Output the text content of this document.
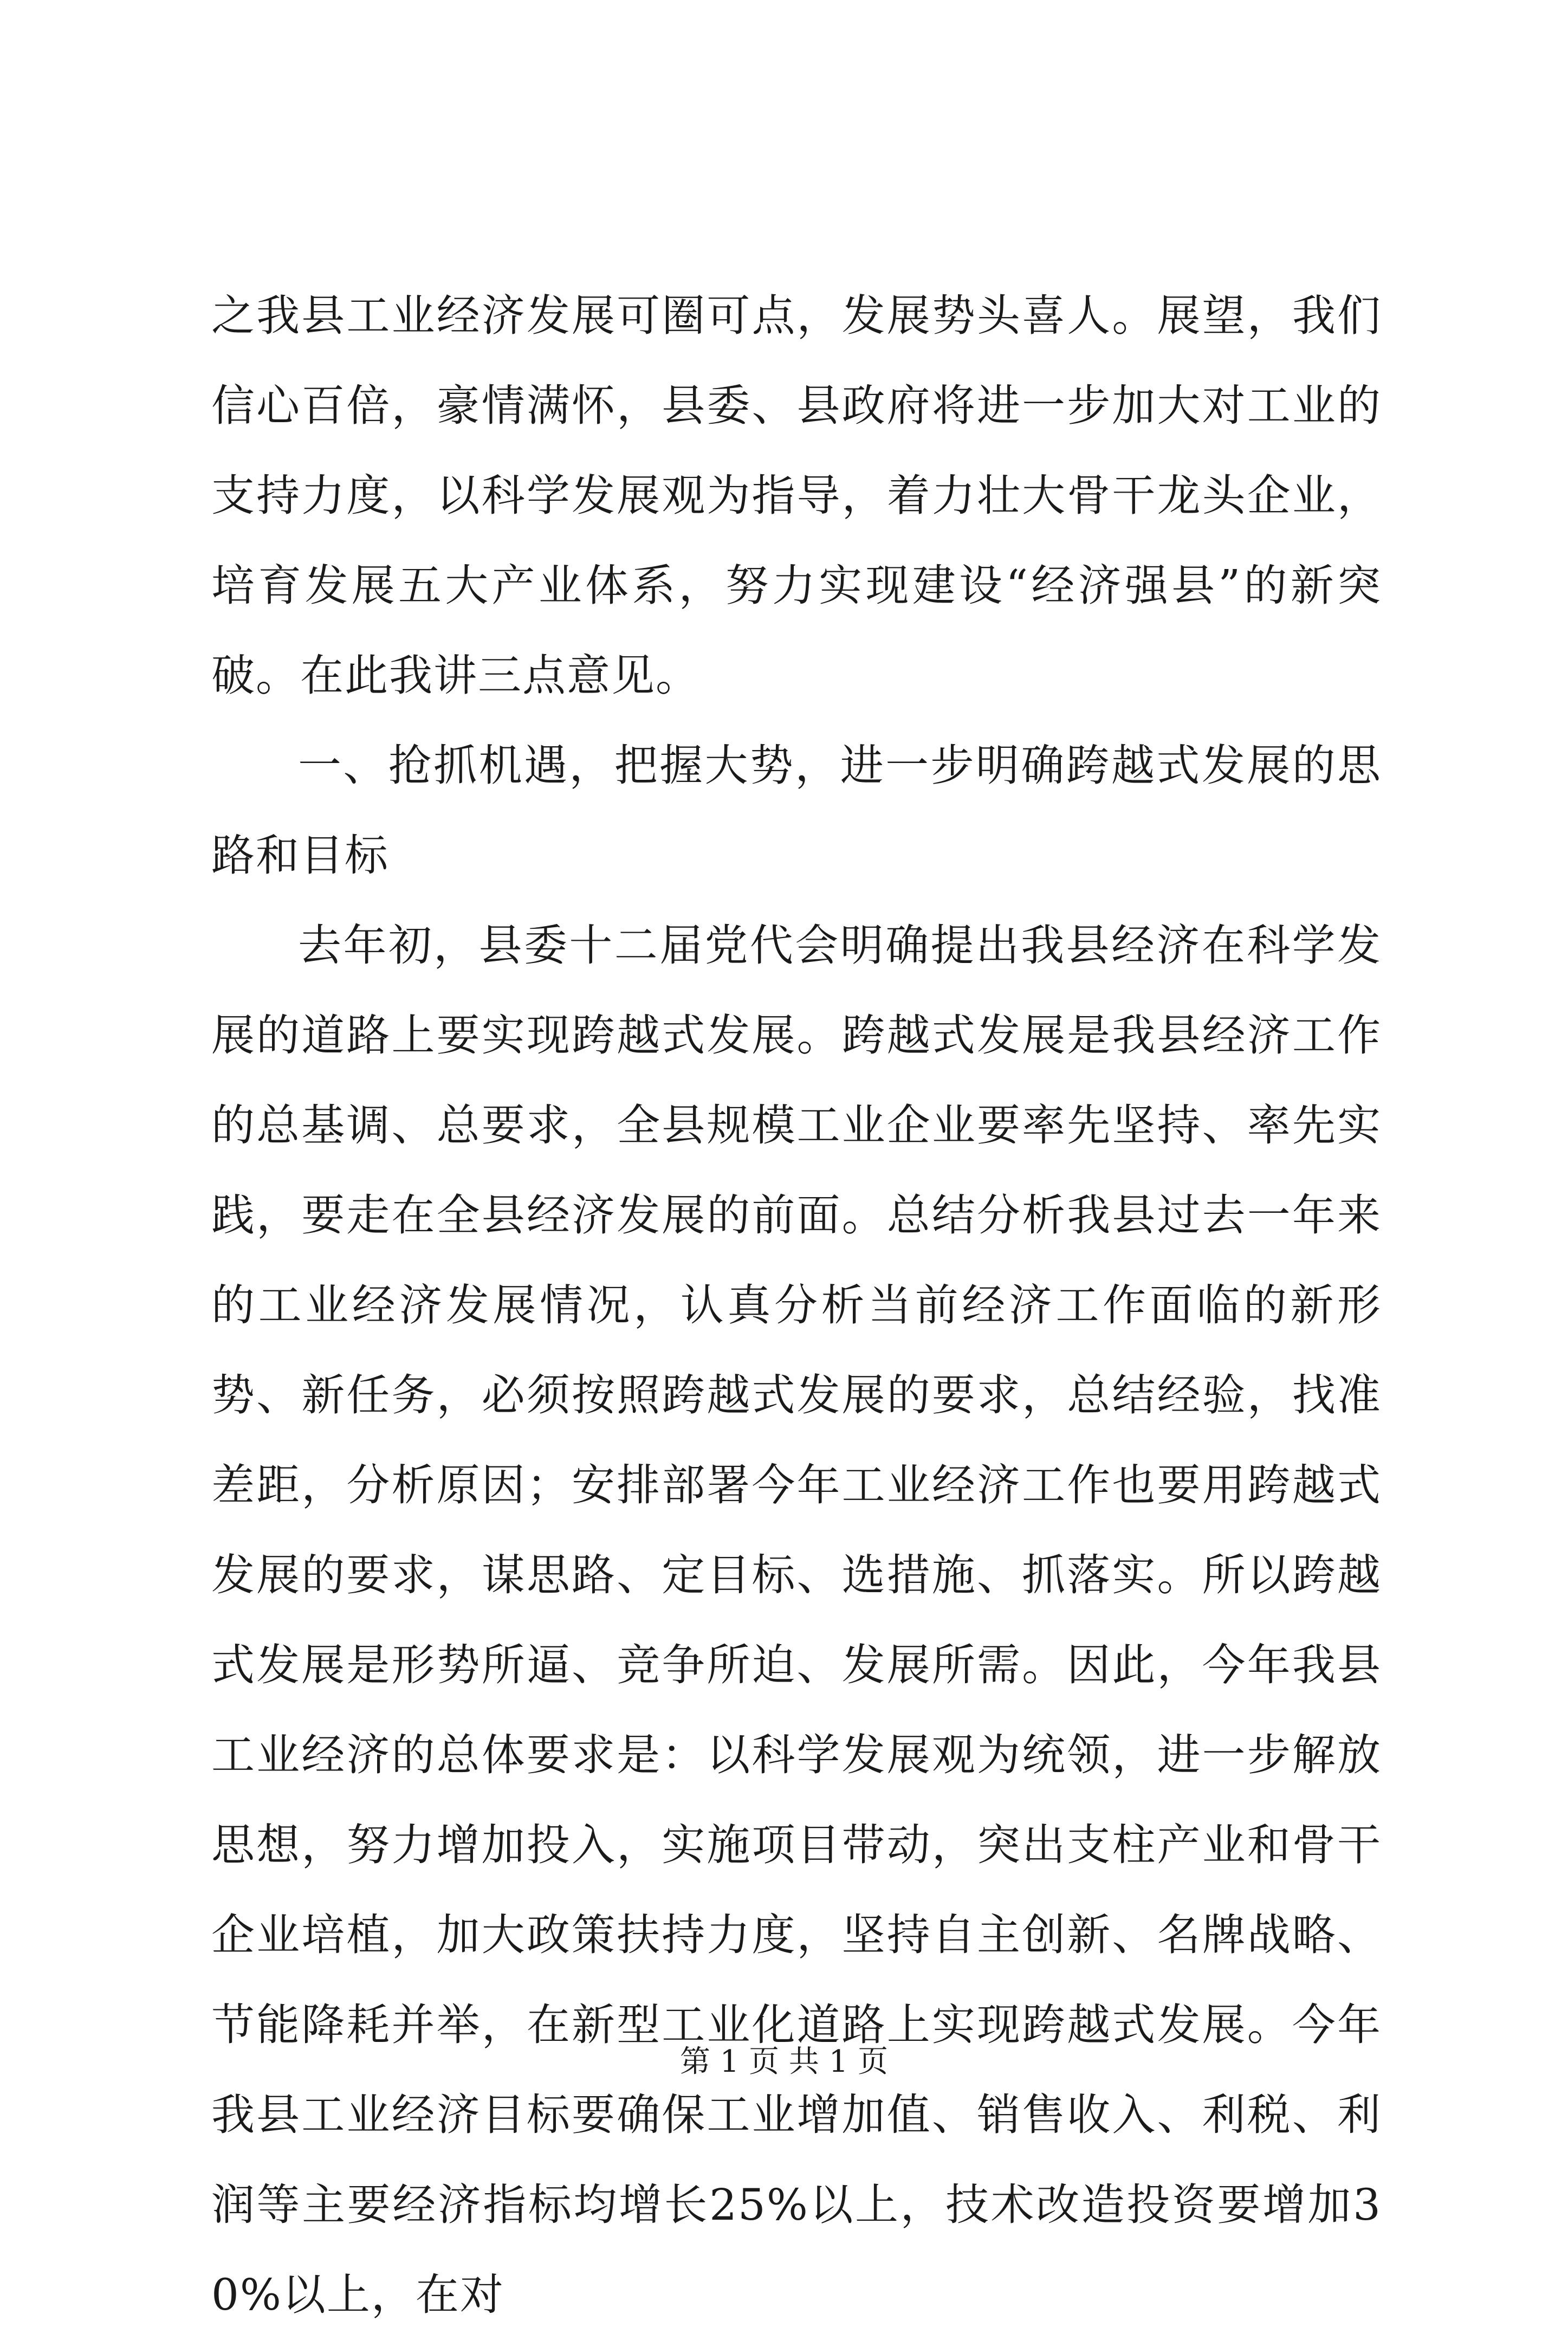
之我县工业经济发展可圈可点，发展势头喜人。展望，我们信心百倍，豪情满怀，县委、县政府将进一步加大对工业的支持力度，以科学发展观为指导，着力壮大骨干龙头企业，培育发展五大产业体系，努力实现建设“经济强县”的新突破。在此我讲三点意见。

一、抢抓机遇，把握大势，进一步明确跨越式发展的思路和目标

去年初，县委十二届党代会明确提出我县经济在科学发展的道路上要实现跨越式发展。跨越式发展是我县经济工作的总基调、总要求，全县规模工业企业要率先坚持、率先实践，要走在全县经济发展的前面。总结分析我县过去一年来的工业经济发展情况，认真分析当前经济工作面临的新形势、新任务，必须按照跨越式发展的要求，总结经验，找准差距，分析原因；安排部署今年工业经济工作也要用跨越式发展的要求，谋思路、定目标、选措施、抓落实。所以跨越式发展是形势所逼、竞争所迫、发展所需。因此，今年我县工业经济的总体要求是：以科学发展观为统领，进一步解放思想，努力增加投入，实施项目带动，突出支柱产业和骨干企业培植，加大政策扶持力度，坚持自主创新、名牌战略、节能降耗并举，在新型工业化道路上实现跨越式发展。今年我县工业经济目标要确保工业增加值、销售收入、利税、利润等主要经济指标均增长25%以上，技术改造投资要增加30%以上，在对

第 1 页 共 1 页
